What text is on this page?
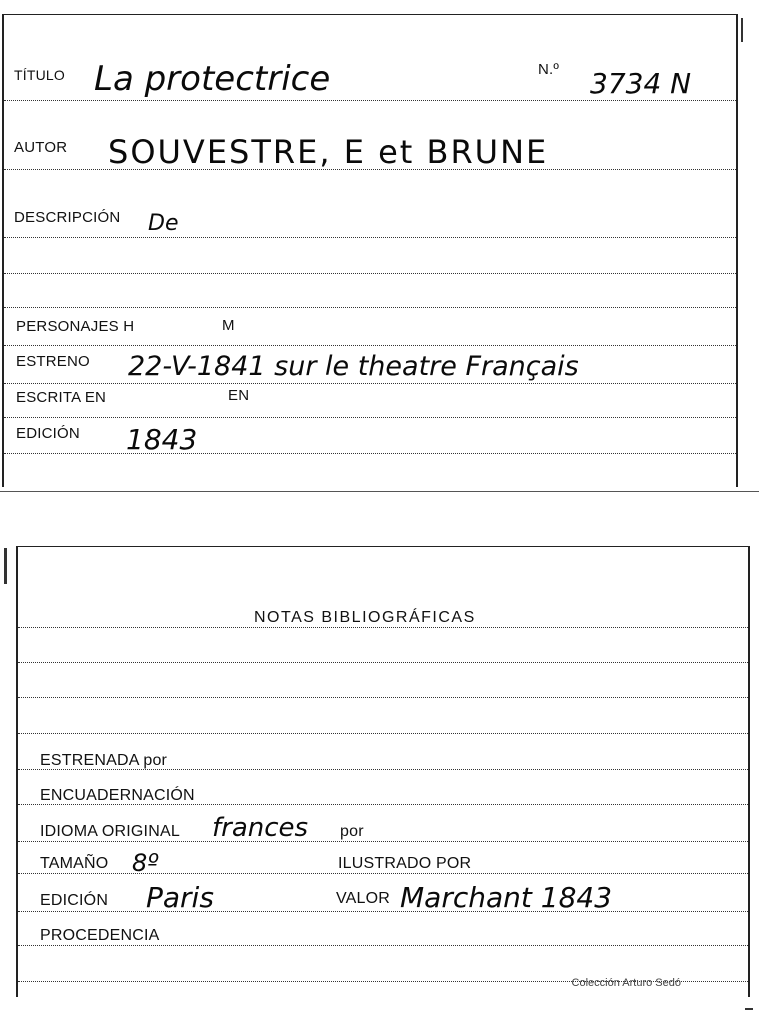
TÍTULO La protectrice	N.º 3734 N
AUTOR SOUVESTRE, E et BRUNE
DESCRIPCIÓN De
PERSONAJES H	M
ESTRENO 22-V-1841 sur le theatre Français
ESCRITA EN	EN
EDICIÓN 1843
NOTAS BIBLIOGRÁFICAS
ESTRENADA por
ENCUADERNACIÓN
IDIOMA ORIGINAL frances por
TAMAÑO 8º	ILUSTRADO POR
EDICIÓN Paris	VALOR Marchant 1843
PROCEDENCIA
Colección Arturo Sedó
